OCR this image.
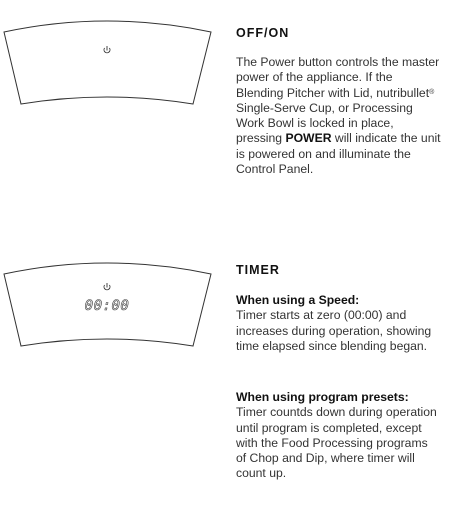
00:00
OFF/ON

The Power button controls the master power of the appliance. If the Blending Pitcher with Lid, nutribullet® Single-Serve Cup, or Processing Work Bowl is locked in place, pressing POWER will indicate the unit is powered on and illuminate the Control Panel.

TIMER

When using a Speed:
Timer starts at zero (00:00) and increases during operation, showing time elapsed since blending began.

When using program presets:
Timer countds down during operation until program is completed, except with the Food Processing programs of Chop and Dip, where timer will count up.
